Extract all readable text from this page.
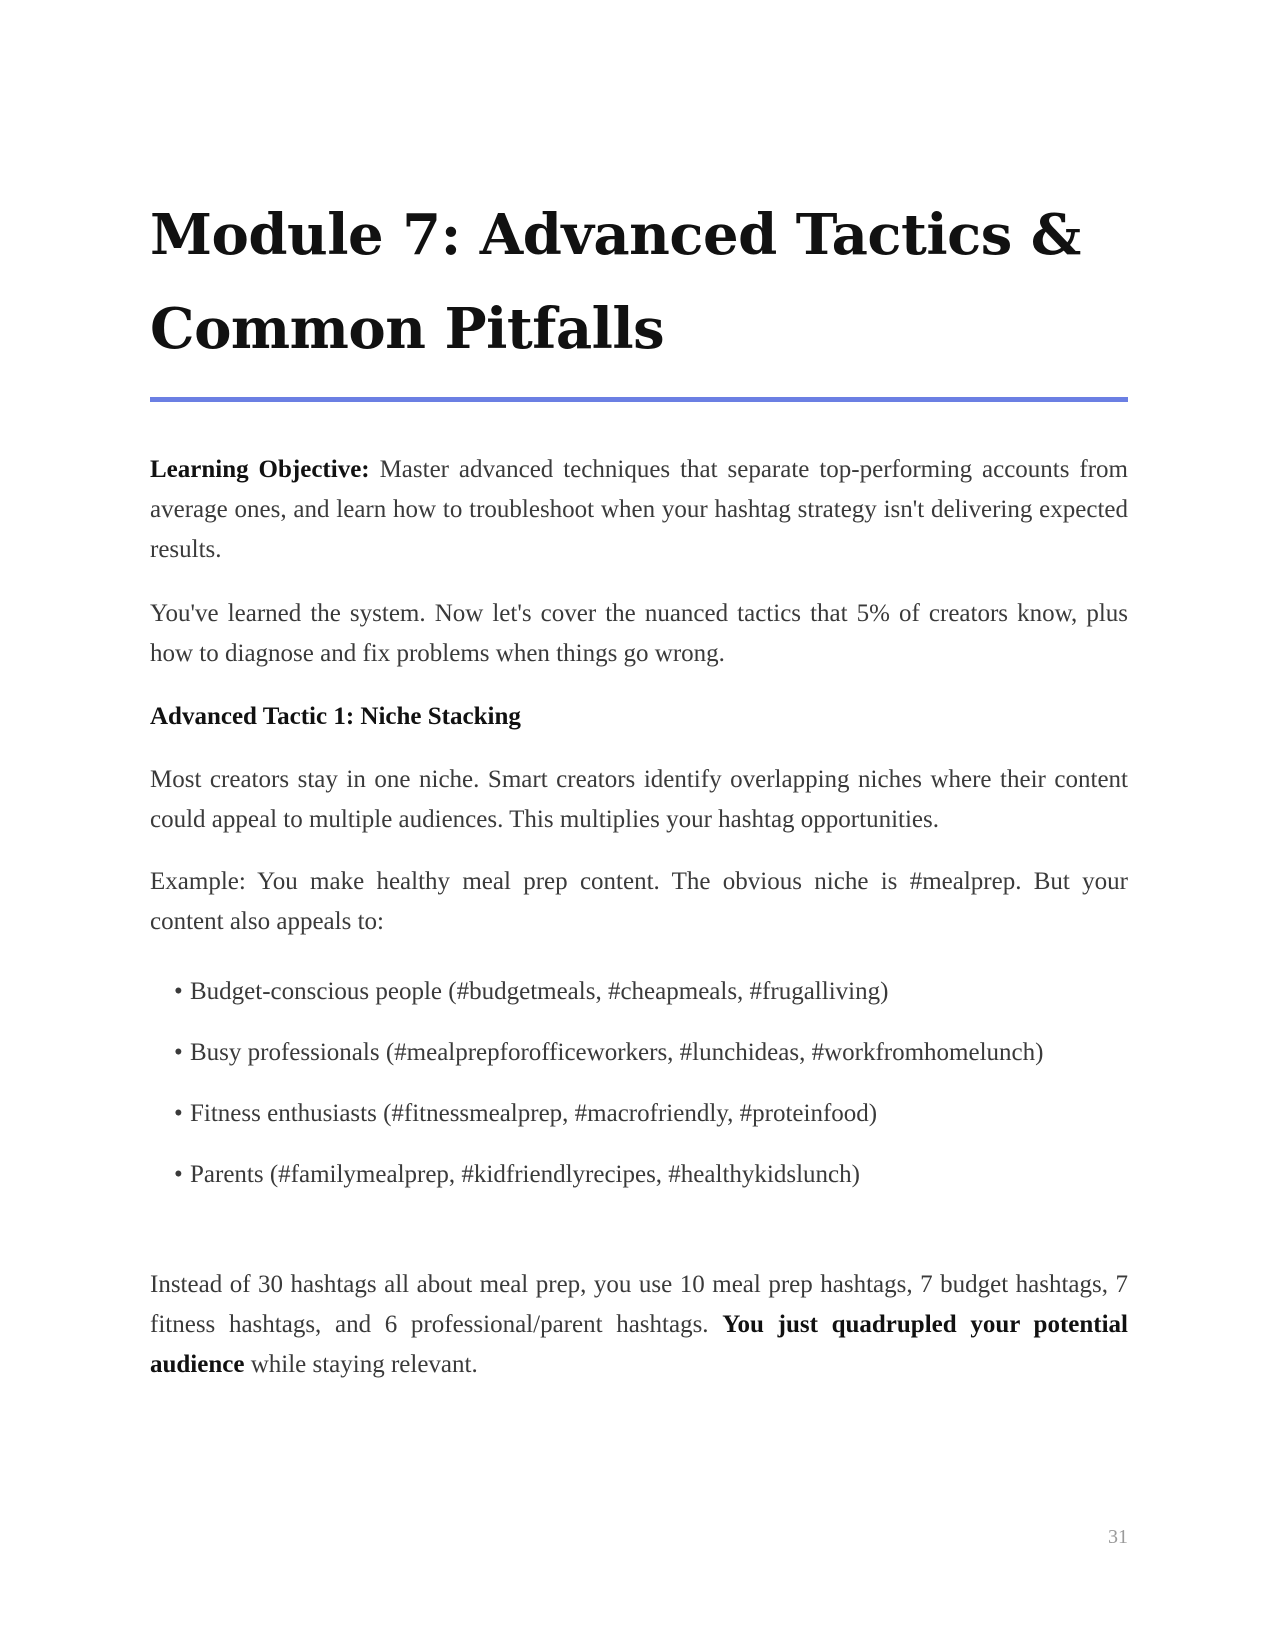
Module 7: Advanced Tactics & Common Pitfalls

Learning Objective: Master advanced techniques that separate top-performing accounts from average ones, and learn how to troubleshoot when your hashtag strategy isn't delivering expected results.

You've learned the system. Now let's cover the nuanced tactics that 5% of creators know, plus how to diagnose and fix problems when things go wrong.

Advanced Tactic 1: Niche Stacking

Most creators stay in one niche. Smart creators identify overlapping niches where their content could appeal to multiple audiences. This multiplies your hashtag opportunities.

Example: You make healthy meal prep content. The obvious niche is #mealprep. But your content also appeals to:

• Budget-conscious people (#budgetmeals, #cheapmeals, #frugalliving)
• Busy professionals (#mealprepforofficeworkers, #lunchideas, #workfromhomelunch)
• Fitness enthusiasts (#fitnessmealprep, #macrofriendly, #proteinfood)
• Parents (#familymealprep, #kidfriendlyrecipes, #healthykidslunch)

Instead of 30 hashtags all about meal prep, you use 10 meal prep hashtags, 7 budget hashtags, 7 fitness hashtags, and 6 professional/parent hashtags. You just quadrupled your potential audience while staying relevant.

31
